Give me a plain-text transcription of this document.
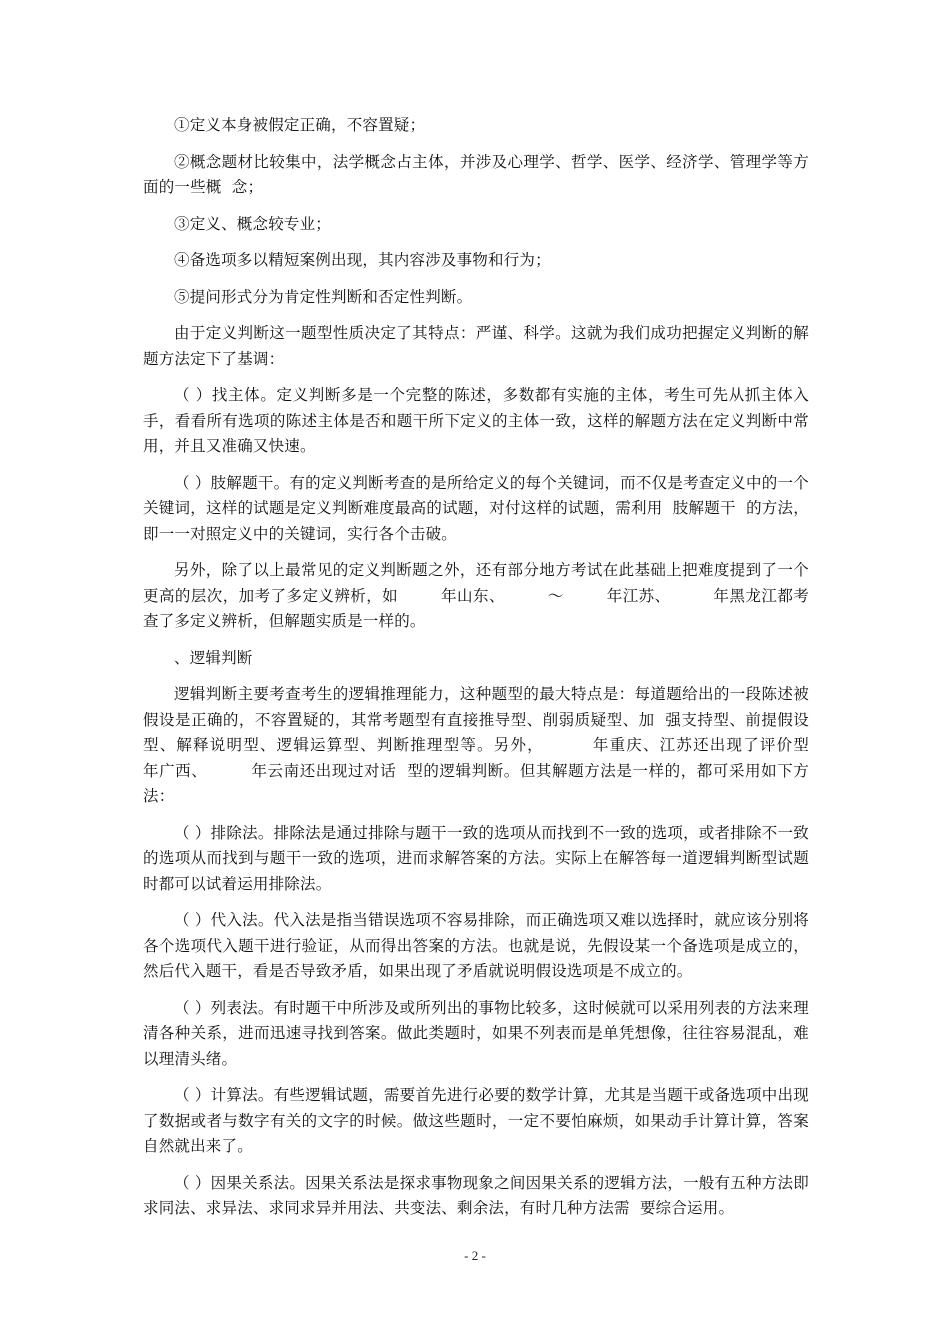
①定义本身被假定正确，不容置疑；

②概念题材比较集中，法学概念占主体，并涉及心理学、哲学、医学、经济学、管理学等方面的一些概  念；

③定义、概念较专业；

④备选项多以精短案例出现，其内容涉及事物和行为；

⑤提问形式分为肯定性判断和否定性判断。

由于定义判断这一题型性质决定了其特点：严谨、科学。这就为我们成功把握定义判断的解题方法定下了基调：

（ ）找主体。定义判断多是一个完整的陈述，多数都有实施的主体，考生可先从抓主体入手，看看所有选项的陈述主体是否和题干所下定义的主体一致，这样的解题方法在定义判断中常用，并且又准确又快速。

（ ）肢解题干。有的定义判断考查的是所给定义的每个关键词，而不仅是考查定义中的一个关键词，这样的试题是定义判断难度最高的试题，对付这样的试题，需利用  肢解题干  的方法，即一一对照定义中的关键词，实行各个击破。

另外，除了以上最常见的定义判断题之外，还有部分地方考试在此基础上把难度提到了一个更高的层次，加考了多定义辨析，如        年山东、        ～        年江苏、        年黑龙江都考查了多定义辨析，但解题实质是一样的。

、逻辑判断

逻辑判断主要考查考生的逻辑推理能力，这种题型的最大特点是：每道题给出的一段陈述被假设是正确的，不容置疑的，其常考题型有直接推导型、削弱质疑型、加  强支持型、前提假设型、解释说明型、逻辑运算型、判断推理型等。另外，        年重庆、江苏还出现了评价型        年广西、        年云南还出现过对话  型的逻辑判断。但其解题方法是一样的，都可采用如下方法：

（ ）排除法。排除法是通过排除与题干一致的选项从而找到不一致的选项，或者排除不一致的选项从而找到与题干一致的选项，进而求解答案的方法。实际上在解答每一道逻辑判断型试题时都可以试着运用排除法。

（ ）代入法。代入法是指当错误选项不容易排除，而正确选项又难以选择时，就应该分别将各个选项代入题干进行验证，从而得出答案的方法。也就是说，先假设某一个备选项是成立的，然后代入题干，看是否导致矛盾，如果出现了矛盾就说明假设选项是不成立的。

（ ）列表法。有时题干中所涉及或所列出的事物比较多，这时候就可以采用列表的方法来理清各种关系，进而迅速寻找到答案。做此类题时，如果不列表而是单凭想像，往往容易混乱，难以理清头绪。

（ ）计算法。有些逻辑试题，需要首先进行必要的数学计算，尤其是当题干或备选项中出现了数据或者与数字有关的文字的时候。做这些题时，一定不要怕麻烦，如果动手计算计算，答案自然就出来了。

（ ）因果关系法。因果关系法是探求事物现象之间因果关系的逻辑方法，一般有五种方法即求同法、求异法、求同求异并用法、共变法、剩余法，有时几种方法需  要综合运用。

- 2 -
